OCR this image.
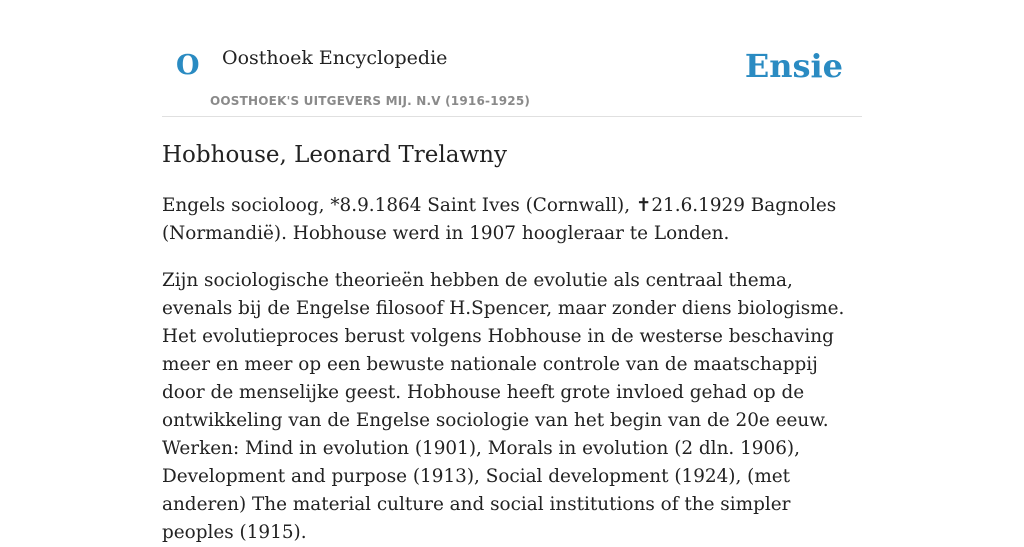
O Oosthoek Encyclopedie
OOSTHOEK'S UITGEVERS MIJ. N.V (1916-1925)
Ensie
Hobhouse, Leonard Trelawny

Engels socioloog, *8.9.1864 Saint Ives (Cornwall), ✝21.6.1929 Bagnoles (Normandië). Hobhouse werd in 1907 hoogleraar te Londen.

Zijn sociologische theorieën hebben de evolutie als centraal thema, evenals bij de Engelse filosoof H.Spencer, maar zonder diens biologisme. Het evolutieproces berust volgens Hobhouse in de westerse beschaving meer en meer op een bewuste nationale controle van de maatschappij door de menselijke geest. Hobhouse heeft grote invloed gehad op de ontwikkeling van de Engelse sociologie van het begin van de 20e eeuw. Werken: Mind in evolution (1901), Morals in evolution (2 dln. 1906), Development and purpose (1913), Social development (1924), (met anderen) The material culture and social institutions of the simpler peoples (1915).
